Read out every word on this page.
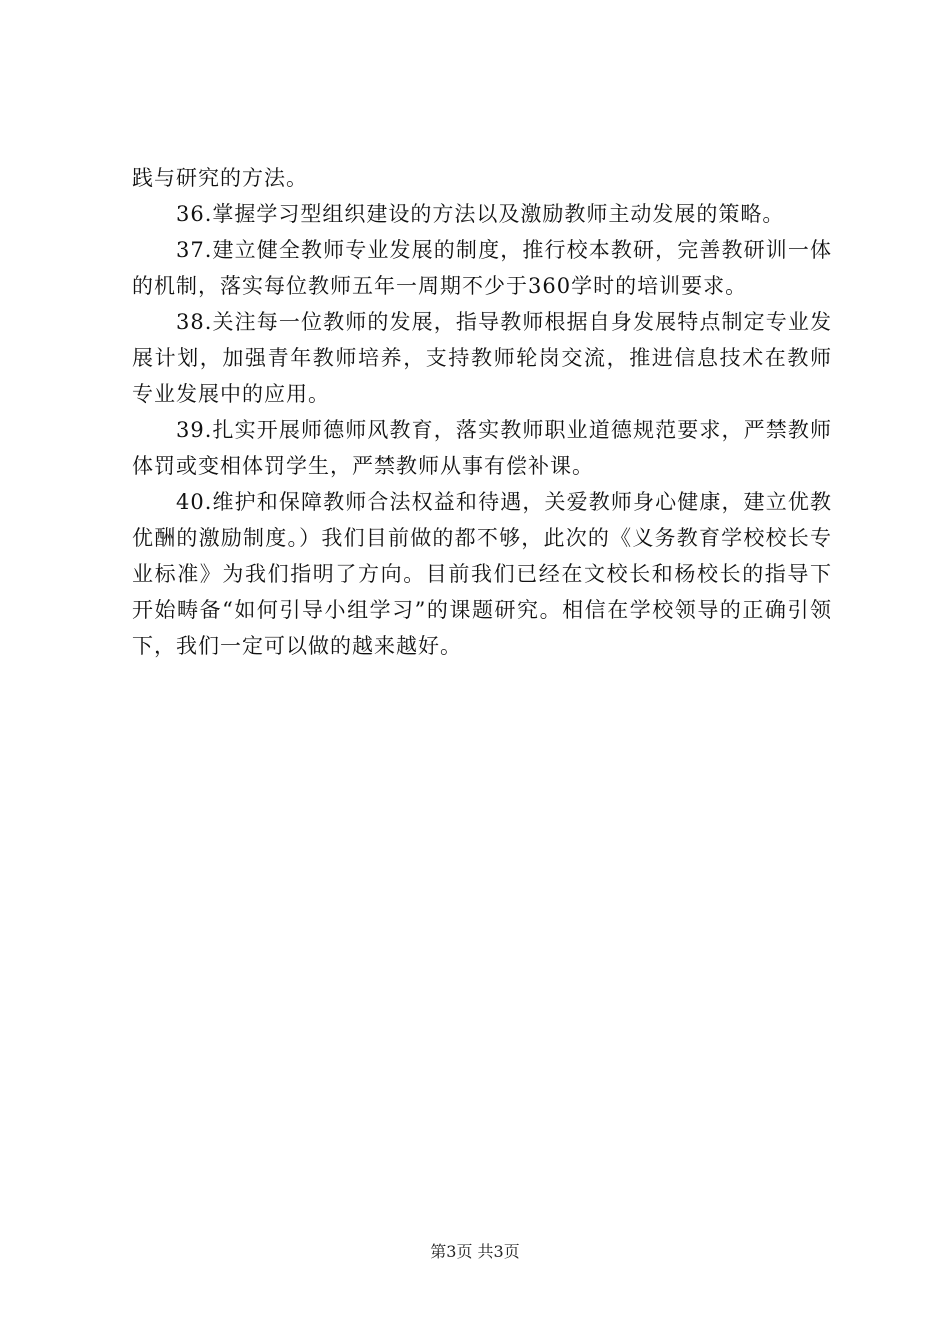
践与研究的方法。

36.掌握学习型组织建设的方法以及激励教师主动发展的策略。

37.建立健全教师专业发展的制度，推行校本教研，完善教研训一体的机制，落实每位教师五年一周期不少于360学时的培训要求。

38.关注每一位教师的发展，指导教师根据自身发展特点制定专业发展计划，加强青年教师培养，支持教师轮岗交流，推进信息技术在教师专业发展中的应用。

39.扎实开展师德师风教育，落实教师职业道德规范要求，严禁教师体罚或变相体罚学生，严禁教师从事有偿补课。

40.维护和保障教师合法权益和待遇，关爱教师身心健康，建立优教优酬的激励制度。）我们目前做的都不够，此次的《义务教育学校校长专业标准》为我们指明了方向。目前我们已经在文校长和杨校长的指导下开始畴备“如何引导小组学习”的课题研究。相信在学校领导的正确引领下，我们一定可以做的越来越好。

第3页 共3页
